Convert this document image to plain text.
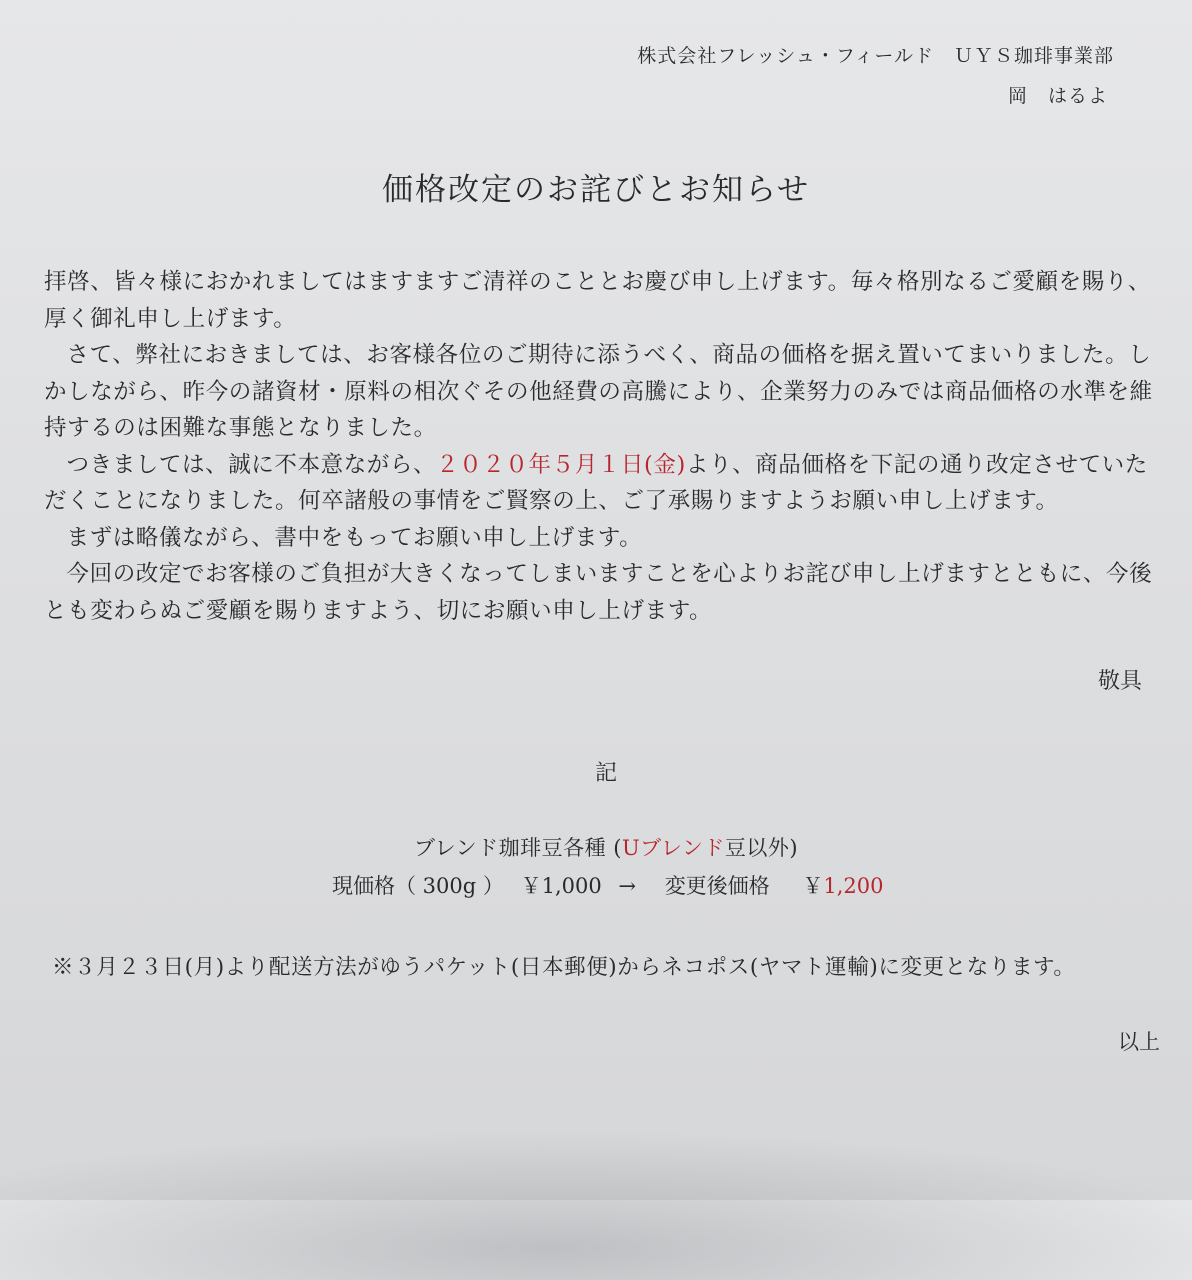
株式会社フレッシュ・フィールド　ＵＹＳ珈琲事業部
岡　はるよ
価格改定のお詫びとお知らせ

拝啓、皆々様におかれましてはますますご清祥のこととお慶び申し上げます。毎々格別なるご愛顧を賜り、厚く御礼申し上げます。

さて、弊社におきましては、お客様各位のご期待に添うべく、商品の価格を据え置いてまいりました。しかしながら、昨今の諸資材・原料の相次ぐその他経費の高騰により、企業努力のみでは商品価格の水準を維持するのは困難な事態となりました。

つきましては、誠に不本意ながら、２０２０年５月１日(金)より、商品価格を下記の通り改定させていただくことになりました。何卒諸般の事情をご賢察の上、ご了承賜りますようお願い申し上げます。

まずは略儀ながら、書中をもってお願い申し上げます。

今回の改定でお客様のご負担が大きくなってしまいますことを心よりお詫び申し上げますとともに、今後とも変わらぬご愛顧を賜りますよう、切にお願い申し上げます。

敬具
記
ブレンド珈琲豆各種 (Uブレンド豆以外)
現価格（ 300g ） ￥1,000 → 変更後価格 ￥1,200
※３月２３日(月)より配送方法がゆうパケット(日本郵便)からネコポス(ヤマト運輸)に変更となります。
以上
